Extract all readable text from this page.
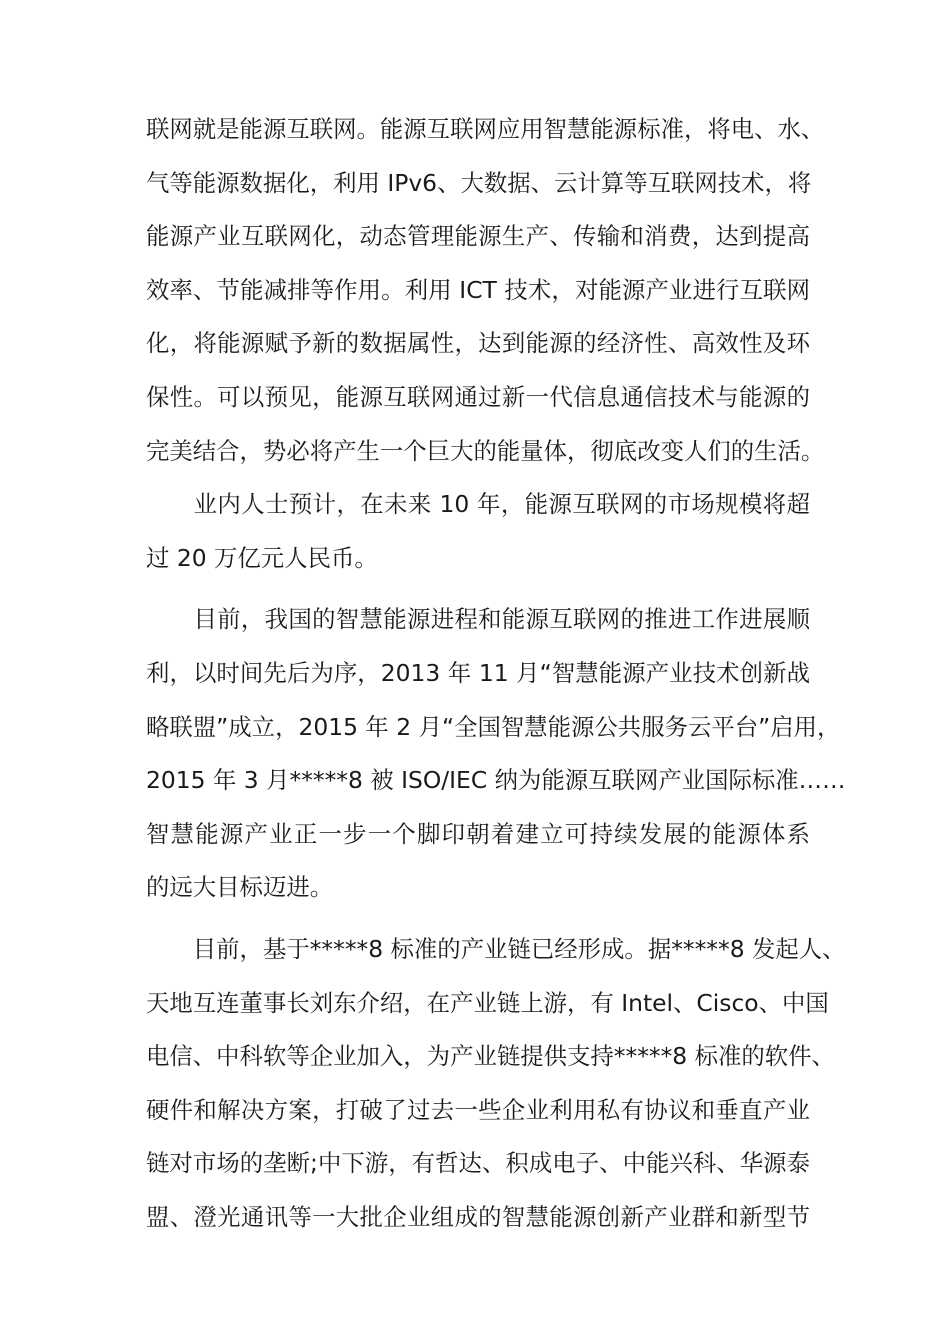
联网就是能源互联网。能源互联网应用智慧能源标准，将电、水、
气等能源数据化，利用 IPv6、大数据、云计算等互联网技术，将
能源产业互联网化，动态管理能源生产、传输和消费，达到提高
效率、节能减排等作用。利用 ICT 技术，对能源产业进行互联网
化，将能源赋予新的数据属性，达到能源的经济性、高效性及环
保性。可以预见，能源互联网通过新一代信息通信技术与能源的
完美结合，势必将产生一个巨大的能量体，彻底改变人们的生活。
　　业内人士预计，在未来 10 年，能源互联网的市场规模将超
过 20 万亿元人民币。
　　目前，我国的智慧能源进程和能源互联网的推进工作进展顺
利，以时间先后为序，2013 年 11 月“智慧能源产业技术创新战
略联盟”成立，2015 年 2 月“全国智慧能源公共服务云平台”启用，
2015 年 3 月*****8 被 ISO/IEC 纳为能源互联网产业国际标准……
智慧能源产业正一步一个脚印朝着建立可持续发展的能源体系
的远大目标迈进。
　　目前，基于*****8 标准的产业链已经形成。据*****8 发起人、
天地互连董事长刘东介绍，在产业链上游，有 Intel、Cisco、中国
电信、中科软等企业加入，为产业链提供支持*****8 标准的软件、
硬件和解决方案，打破了过去一些企业利用私有协议和垂直产业
链对市场的垄断;中下游，有哲达、积成电子、中能兴科、华源泰
盟、澄光通讯等一大批企业组成的智慧能源创新产业群和新型节
